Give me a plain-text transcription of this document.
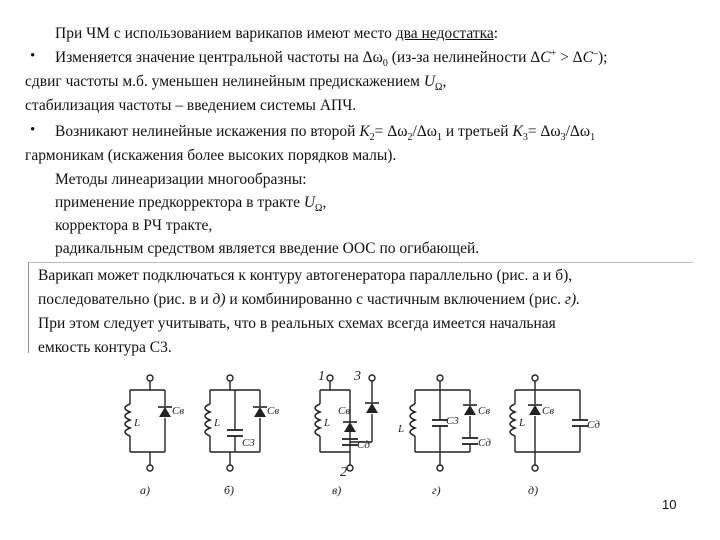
При ЧМ с использованием варикапов имеют место два недостатка:
• Изменяется значение центральной частоты на $\Delta\omega_0$ (из-за нелинейности ΔC+ > ΔC–);
сдвиг частоты м.б. уменьшен нелинейным предискажением $U_\Omega$,
стабилизация частоты – введением системы АПЧ.
• Возникают нелинейные искажения по второй $K_2= \Delta\omega_2/\Delta\omega_1$ и третьей $K_3= \Delta\omega_3/\Delta\omega_1$
гармоникам (искажения более высоких порядков малы).
Методы линеаризации многообразны:
применение предкорректора в тракте $U_\Omega$,
корректора в РЧ тракте,
радикальным средством является введение ООС по огибающей.
Варикап может подключаться к контуру автогенератора параллельно (рис. а и б),
последовательно (рис. в и д) и комбинированно с частичным включением (рис. г).
При этом следует учитывать, что в реальных схемах всегда имеется начальная
емкость контура С3.
L
Cв
L
C3
Cв
L
Cв
Cд
1 3
2
L
C3
Cв
Cд
L
Cв
Cд
а)	б)	в)	г)	д)
10
